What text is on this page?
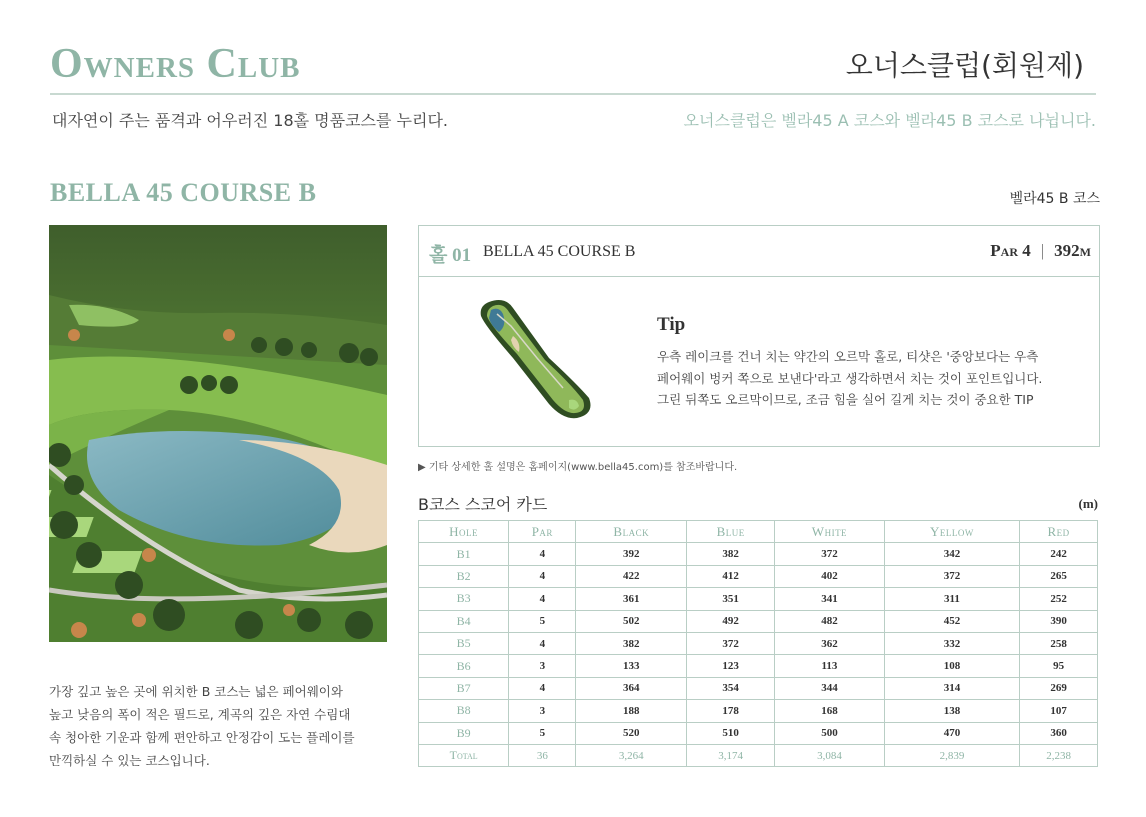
Owners Club	오너스클럽(회원제)
대자연이 주는 품격과 어우러진 18홀 명품코스를 누리다.	오너스클럽은 벨라45 A 코스와 벨라45 B 코스로 나뉩니다.
BELLA 45 COURSE B	벨라45 B 코스
가장 깊고 높은 곳에 위치한 B 코스는 넓은 페어웨이와
높고 낮음의 폭이 적은 필드로, 계곡의 깊은 자연 수림대
속 청아한 기운과 함께 편안하고 안정감이 도는 플레이를
만끽하실 수 있는 코스입니다.
홀 01 BELLA 45 COURSE B	Par 4 | 392m
Tip
우측 레이크를 건너 치는 약간의 오르막 홀로, 티샷은 '중앙보다는 우측
페어웨이 벙커 쪽으로 보낸다'라고 생각하면서 치는 것이 포인트입니다.
그린 뒤쪽도 오르막이므로, 조금 힘을 실어 길게 치는 것이 중요한 TIP
▶ 기타 상세한 홀 설명은 홈페이지(www.bella45.com)를 참조바랍니다.
B코스 스코어 카드	(m)
Hole	Par	Black	Blue	White	Yellow	Red
B1	4	392	382	372	342	242
B2	4	422	412	402	372	265
B3	4	361	351	341	311	252
B4	5	502	492	482	452	390
B5	4	382	372	362	332	258
B6	3	133	123	113	108	95
B7	4	364	354	344	314	269
B8	3	188	178	168	138	107
B9	5	520	510	500	470	360
Total	36	3,264	3,174	3,084	2,839	2,238
